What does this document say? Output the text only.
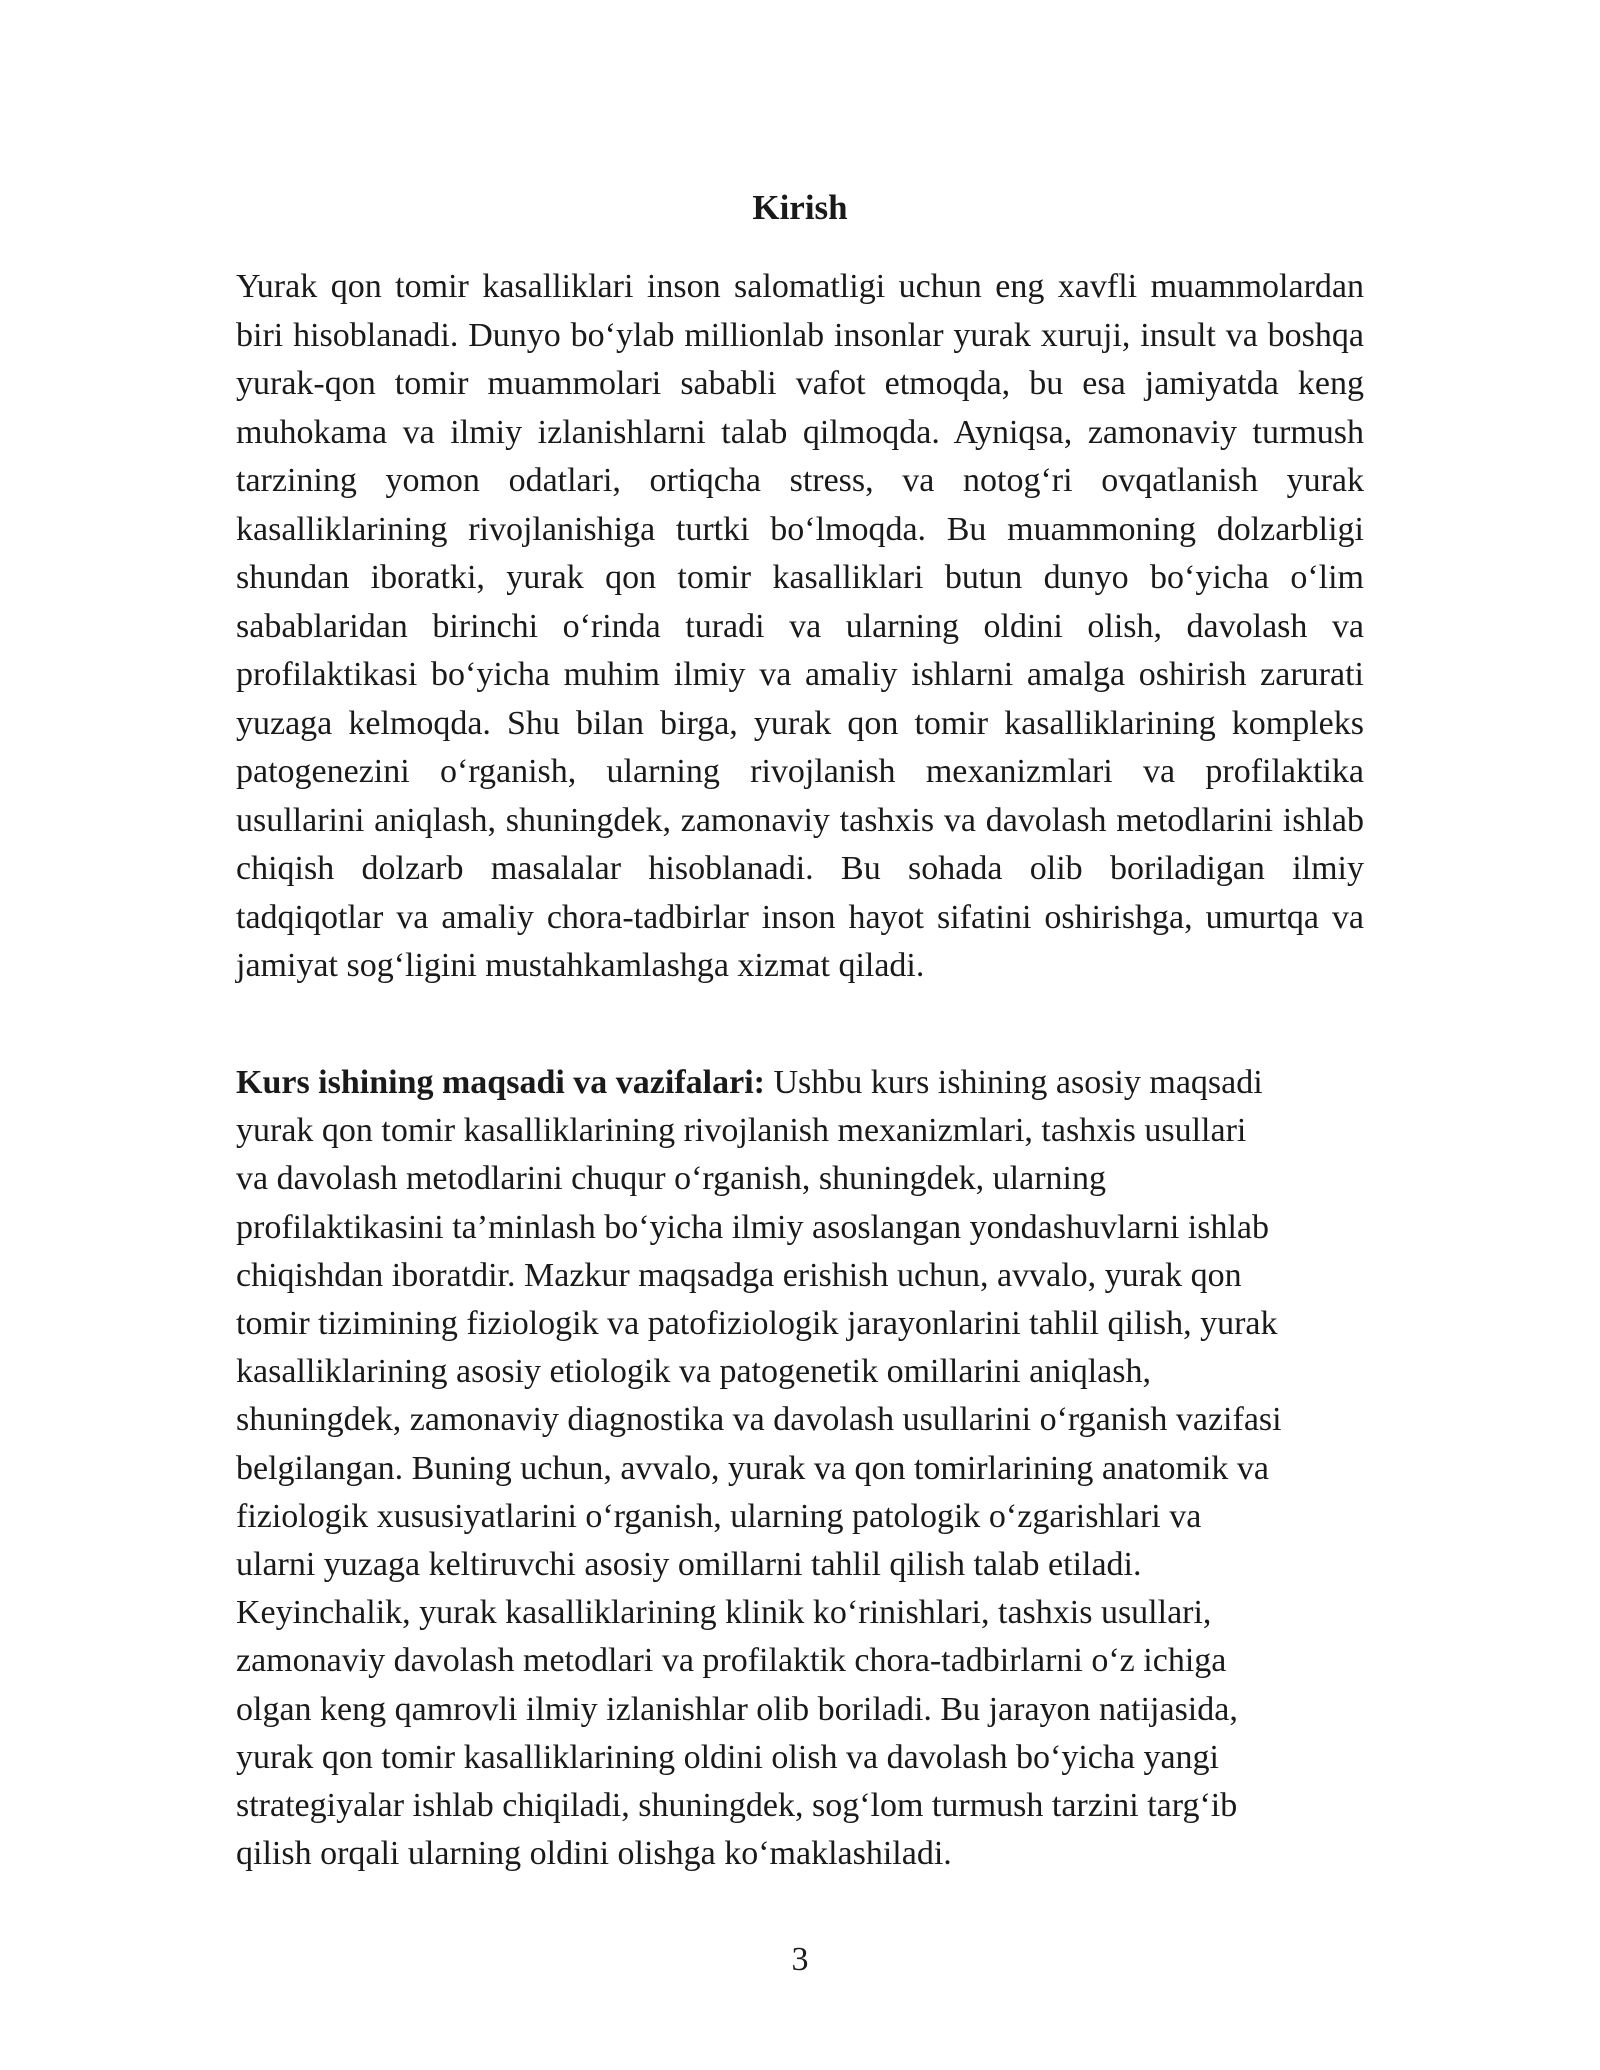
Kirish

Yurak qon tomir kasalliklari inson salomatligi uchun eng xavfli muammolardan biri hisoblanadi. Dunyo bo‘ylab millionlab insonlar yurak xuruji, insult va boshqa yurak-qon tomir muammolari sababli vafot etmoqda, bu esa jamiyatda keng muhokama va ilmiy izlanishlarni talab qilmoqda. Ayniqsa, zamonaviy turmush tarzining yomon odatlari, ortiqcha stress, va notog‘ri ovqatlanish yurak kasalliklarining rivojlanishiga turtki bo‘lmoqda. Bu muammoning dolzarbligi shundan iboratki, yurak qon tomir kasalliklari butun dunyo bo‘yicha o‘lim sabablaridan birinchi o‘rinda turadi va ularning oldini olish, davolash va profilaktikasi bo‘yicha muhim ilmiy va amaliy ishlarni amalga oshirish zarurati yuzaga kelmoqda. Shu bilan birga, yurak qon tomir kasalliklarining kompleks patogenezini o‘rganish, ularning rivojlanish mexanizmlari va profilaktika usullarini aniqlash, shuningdek, zamonaviy tashxis va davolash metodlarini ishlab chiqish dolzarb masalalar hisoblanadi. Bu sohada olib boriladigan ilmiy tadqiqotlar va amaliy chora-tadbirlar inson hayot sifatini oshirishga, umurtqa va jamiyat sog‘ligini mustahkamlashga xizmat qiladi.

Kurs ishining maqsadi va vazifalari: Ushbu kurs ishining asosiy maqsadi
yurak qon tomir kasalliklarining rivojlanish mexanizmlari, tashxis usullari
va davolash metodlarini chuqur o‘rganish, shuningdek, ularning
profilaktikasini ta’minlash bo‘yicha ilmiy asoslangan yondashuvlarni ishlab
chiqishdan iboratdir. Mazkur maqsadga erishish uchun, avvalo, yurak qon
tomir tizimining fiziologik va patofiziologik jarayonlarini tahlil qilish, yurak
kasalliklarining asosiy etiologik va patogenetik omillarini aniqlash,
shuningdek, zamonaviy diagnostika va davolash usullarini o‘rganish vazifasi
belgilangan. Buning uchun, avvalo, yurak va qon tomirlarining anatomik va
fiziologik xususiyatlarini o‘rganish, ularning patologik o‘zgarishlari va
ularni yuzaga keltiruvchi asosiy omillarni tahlil qilish talab etiladi.
Keyinchalik, yurak kasalliklarining klinik ko‘rinishlari, tashxis usullari,
zamonaviy davolash metodlari va profilaktik chora-tadbirlarni o‘z ichiga
olgan keng qamrovli ilmiy izlanishlar olib boriladi. Bu jarayon natijasida,
yurak qon tomir kasalliklarining oldini olish va davolash bo‘yicha yangi
strategiyalar ishlab chiqiladi, shuningdek, sog‘lom turmush tarzini targ‘ib
qilish orqali ularning oldini olishga ko‘maklashiladi.

3
